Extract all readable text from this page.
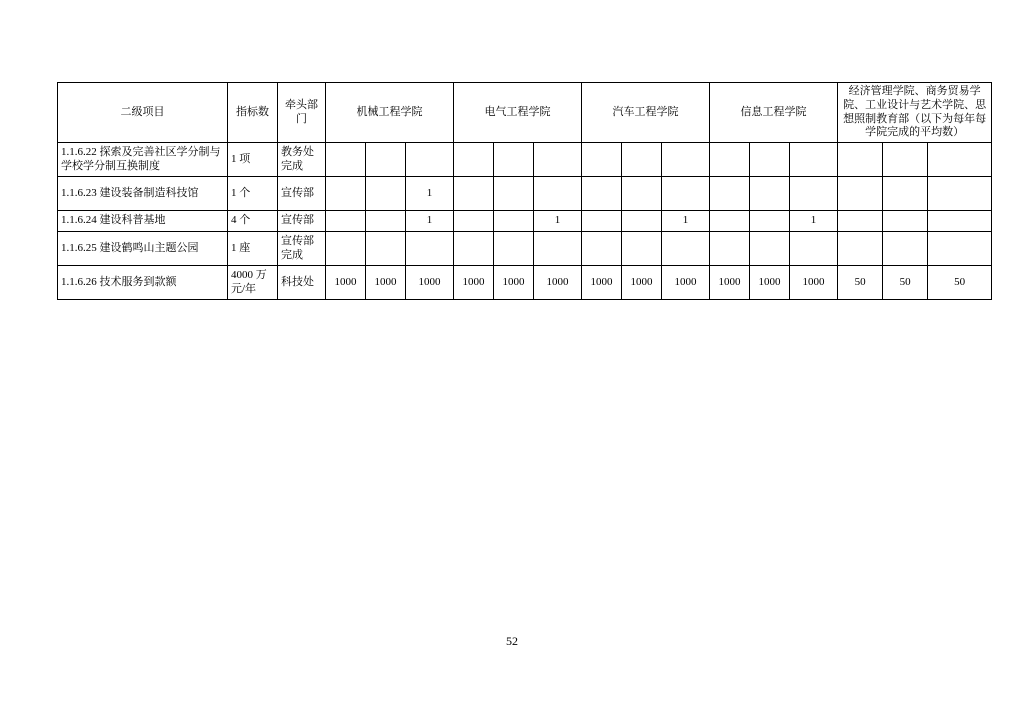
二级项目	指标数	牵头部门	机械工程学院			电气工程学院			汽车工程学院			信息工程学院			经济管理学院、商务贸易学院、工业设计与艺术学院、思想照制教育部（以下为每年每学院完成的平均数）		
1.1.6.22 探索及完善社区学分制与学校学分制互换制度	1 项	教务处完成															
1.1.6.23 建设装备制造科技馆	1 个	宣传部			1												
1.1.6.24 建设科普基地	4 个	宣传部			1			1			1			1			
1.1.6.25 建设鹤鸣山主题公园	1 座	宣传部完成															
1.1.6.26 技术服务到款额	4000 万元/年	科技处	1000	1000	1000	1000	1000	1000	1000	1000	1000	1000	1000	1000	50	50	50
52
